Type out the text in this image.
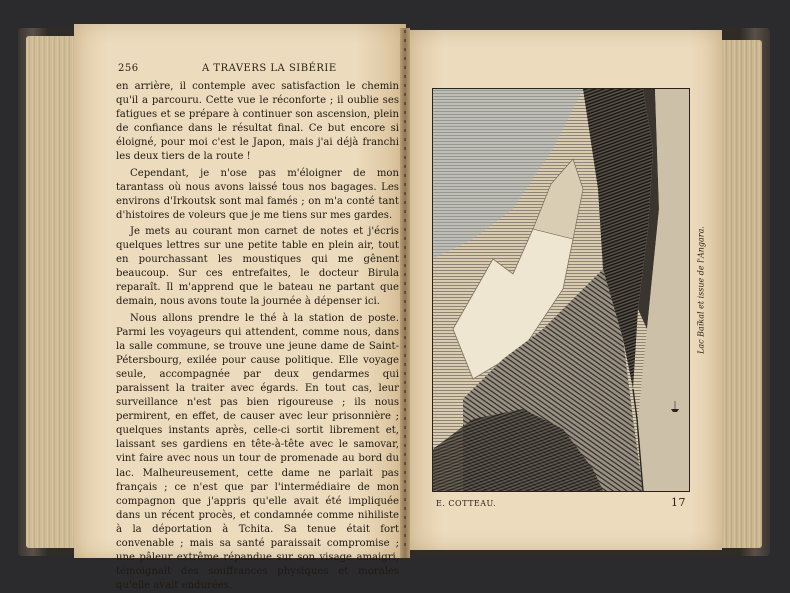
256	A TRAVERS LA SIBÉRIE

en arrière, il contemple avec satisfaction le chemin qu'il a parcouru. Cette vue le réconforte ; il oublie ses fatigues et se prépare à continuer son ascension, plein de confiance dans le résultat final. Ce but encore si éloigné, pour moi c'est le Japon, mais j'ai déjà franchi les deux tiers de la route !

Cependant, je n'ose pas m'éloigner de mon tarantass où nous avons laissé tous nos bagages. Les environs d'Irkoutsk sont mal famés ; on m'a conté tant d'histoires de voleurs que je me tiens sur mes gardes.

Je mets au courant mon carnet de notes et j'écris quelques lettres sur une petite table en plein air, tout en pourchassant les moustiques qui me gênent beaucoup. Sur ces entrefaites, le docteur Birula reparaît. Il m'apprend que le bateau ne partant que demain, nous avons toute la journée à dépenser ici.

Nous allons prendre le thé à la station de poste. Parmi les voyageurs qui attendent, comme nous, dans la salle commune, se trouve une jeune dame de Saint-Pétersbourg, exilée pour cause politique. Elle voyage seule, accompagnée par deux gendarmes qui paraissent la traiter avec égards. En tout cas, leur surveillance n'est pas bien rigoureuse ; ils nous permirent, en effet, de causer avec leur prisonnière ; quelques instants après, celle-ci sortit librement et, laissant ses gardiens en tête-à-tête avec le samovar, vint faire avec nous un tour de promenade au bord du lac. Malheureusement, cette dame ne parlait pas français ; ce n'est que par l'intermédiaire de mon compagnon que j'appris qu'elle avait été impliquée dans un récent procès, et condamnée comme nihiliste à la déportation à Tchita. Sa tenue était fort convenable ; mais sa santé paraissait compromise ; une pâleur extrême répandue sur son visage amaigri, témoignait des souffrances physiques et morales qu'elle avait endurées.

E. COTTEAU.	17
Lac Baïkal et issue de l'Angara.
